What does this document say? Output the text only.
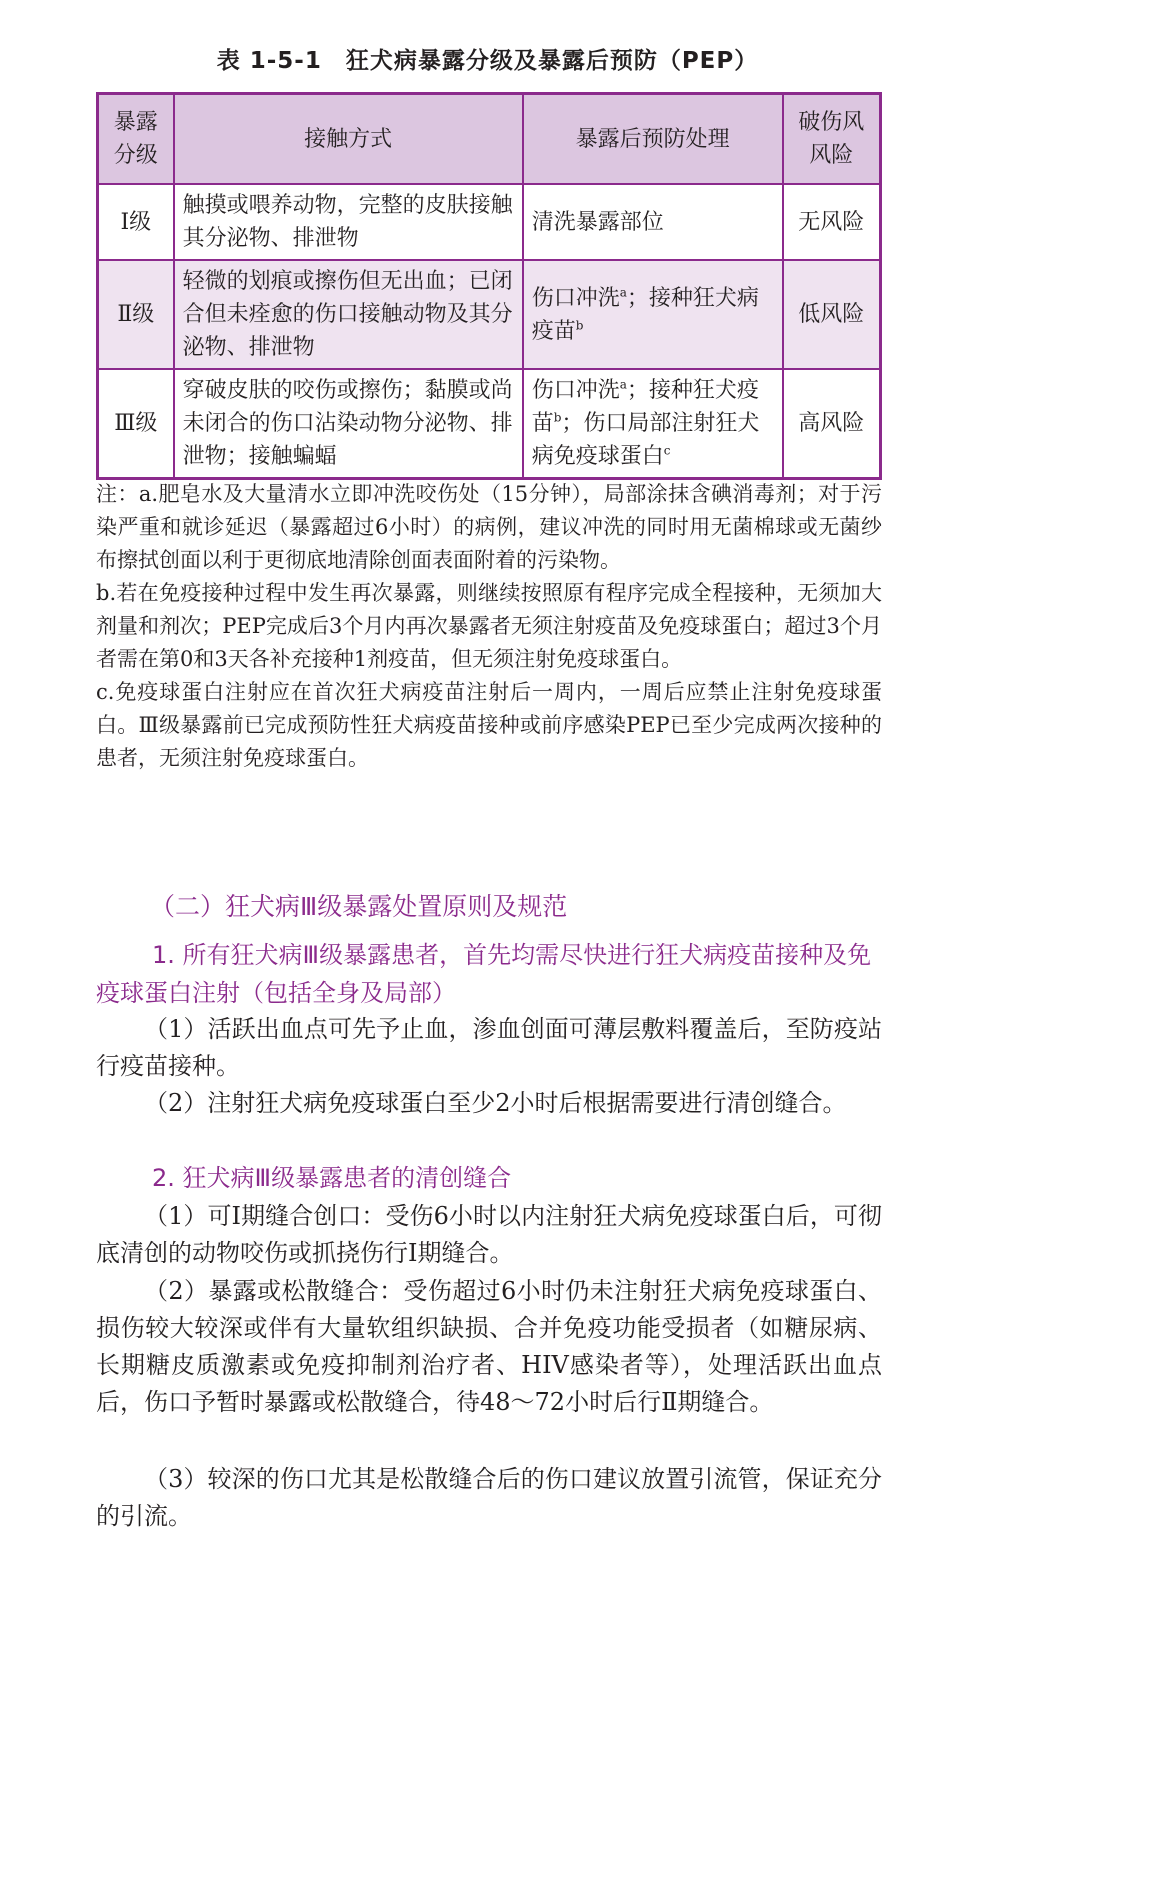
表 1-5-1　狂犬病暴露分级及暴露后预防（PEP）
暴露分级	接触方式	暴露后预防处理	破伤风风险
Ⅰ级	触摸或喂养动物，完整的皮肤接触其分泌物、排泄物	清洗暴露部位	无风险
Ⅱ级	轻微的划痕或擦伤但无出血；已闭合但未痊愈的伤口接触动物及其分泌物、排泄物	伤口冲洗$^a$；接种狂犬病疫苗$^b$	低风险
Ⅲ级	穿破皮肤的咬伤或擦伤；黏膜或尚未闭合的伤口沾染动物分泌物、排泄物；接触蝙蝠	伤口冲洗$^a$；接种狂犬疫苗$^b$；伤口局部注射狂犬病免疫球蛋白$^c$	高风险

注：a.肥皂水及大量清水立即冲洗咬伤处（15分钟），局部涂抹含碘消毒剂；对于污染严重和就诊延迟（暴露超过6小时）的病例，建议冲洗的同时用无菌棉球或无菌纱布擦拭创面以利于更彻底地清除创面表面附着的污染物。

b.若在免疫接种过程中发生再次暴露，则继续按照原有程序完成全程接种，无须加大剂量和剂次；PEP完成后3个月内再次暴露者无须注射疫苗及免疫球蛋白；超过3个月者需在第0和3天各补充接种1剂疫苗，但无须注射免疫球蛋白。

c.免疫球蛋白注射应在首次狂犬病疫苗注射后一周内，一周后应禁止注射免疫球蛋白。Ⅲ级暴露前已完成预防性狂犬病疫苗接种或前序感染PEP已至少完成两次接种的患者，无须注射免疫球蛋白。

（二）狂犬病Ⅲ级暴露处置原则及规范
1. 所有狂犬病Ⅲ级暴露患者，首先均需尽快进行狂犬病疫苗接种及免疫球蛋白注射（包括全身及局部）
（1）活跃出血点可先予止血，渗血创面可薄层敷料覆盖后，至防疫站行疫苗接种。
（2）注射狂犬病免疫球蛋白至少2小时后根据需要进行清创缝合。
2. 狂犬病Ⅲ级暴露患者的清创缝合
（1）可Ⅰ期缝合创口：受伤6小时以内注射狂犬病免疫球蛋白后，可彻底清创的动物咬伤或抓挠伤行Ⅰ期缝合。
（2）暴露或松散缝合：受伤超过6小时仍未注射狂犬病免疫球蛋白、损伤较大较深或伴有大量软组织缺损、合并免疫功能受损者（如糖尿病、长期糖皮质激素或免疫抑制剂治疗者、HIV感染者等），处理活跃出血点后，伤口予暂时暴露或松散缝合，待48～72小时后行Ⅱ期缝合。
（3）较深的伤口尤其是松散缝合后的伤口建议放置引流管，保证充分的引流。
